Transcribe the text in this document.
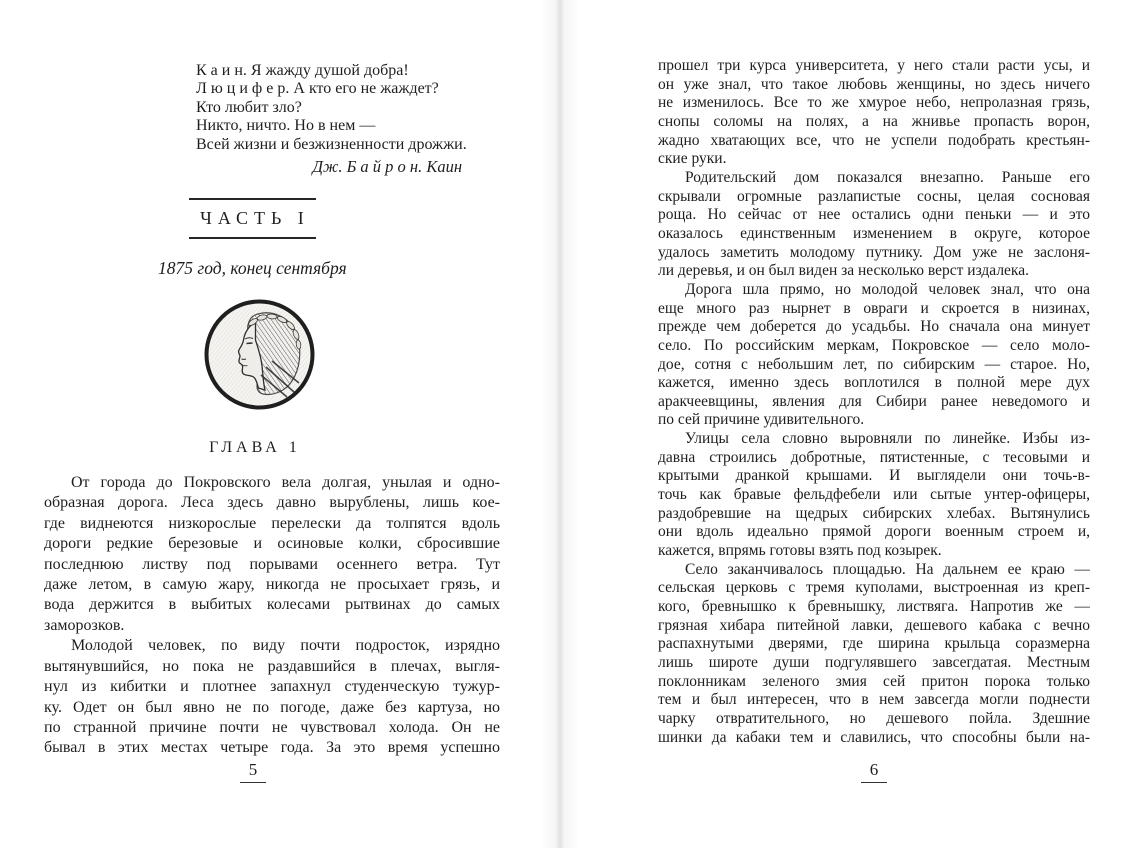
К а и н. Я жажду душой добра!
Л ю ц и ф е р. А кто его не жаждет?
Кто любит зло?
Никто, ничто. Но в нем —
Всей жизни и безжизненности дрожжи.
Дж. Б а й р о н. Каин
ЧАСТЬ I
1875 год, конец сентября
ГЛАВА 1
От города до Покровского вела долгая, унылая и одно-
образная дорога. Леса здесь давно вырублены, лишь кое-
где виднеются низкорослые перелески да толпятся вдоль
дороги редкие березовые и осиновые колки, сбросившие
последнюю листву под порывами осеннего ветра. Тут
даже летом, в самую жару, никогда не просыхает грязь, и
вода держится в выбитых колесами рытвинах до самых
заморозков.
Молодой человек, по виду почти подросток, изрядно
вытянувшийся, но пока не раздавшийся в плечах, выгля-
нул из кибитки и плотнее запахнул студенческую тужур-
ку. Одет он был явно не по погоде, даже без картуза, но
по странной причине почти не чувствовал холода. Он не
бывал в этих местах четыре года. За это время успешно
прошел три курса университета, у него стали расти усы, и
он уже знал, что такое любовь женщины, но здесь ничего
не изменилось. Все то же хмурое небо, непролазная грязь,
снопы соломы на полях, а на жнивье пропасть ворон,
жадно хватающих все, что не успели подобрать крестьян-
ские руки.
Родительский дом показался внезапно. Раньше его
скрывали огромные разлапистые сосны, целая сосновая
роща. Но сейчас от нее остались одни пеньки — и это
оказалось единственным изменением в округе, которое
удалось заметить молодому путнику. Дом уже не заслоня-
ли деревья, и он был виден за несколько верст издалека.
Дорога шла прямо, но молодой человек знал, что она
еще много раз нырнет в овраги и скроется в низинах,
прежде чем доберется до усадьбы. Но сначала она минует
село. По российским меркам, Покровское — село моло-
дое, сотня с небольшим лет, по сибирским — старое. Но,
кажется, именно здесь воплотился в полной мере дух
аракчеевщины, явления для Сибири ранее неведомого и
по сей причине удивительного.
Улицы села словно выровняли по линейке. Избы из-
давна строились добротные, пятистенные, с тесовыми и
крытыми дранкой крышами. И выглядели они точь-в-
точь как бравые фельдфебели или сытые унтер-офицеры,
раздобревшие на щедрых сибирских хлебах. Вытянулись
они вдоль идеально прямой дороги военным строем и,
кажется, впрямь готовы взять под козырек.
Село заканчивалось площадью. На дальнем ее краю —
сельская церковь с тремя куполами, выстроенная из креп-
кого, бревнышко к бревнышку, листвяга. Напротив же —
грязная хибара питейной лавки, дешевого кабака с вечно
распахнутыми дверями, где ширина крыльца соразмерна
лишь широте души подгулявшего завсегдатая. Местным
поклонникам зеленого змия сей притон порока только
тем и был интересен, что в нем завсегда могли поднести
чарку отвратительного, но дешевого пойла. Здешние
шинки да кабаки тем и славились, что способны были на-
5	6
